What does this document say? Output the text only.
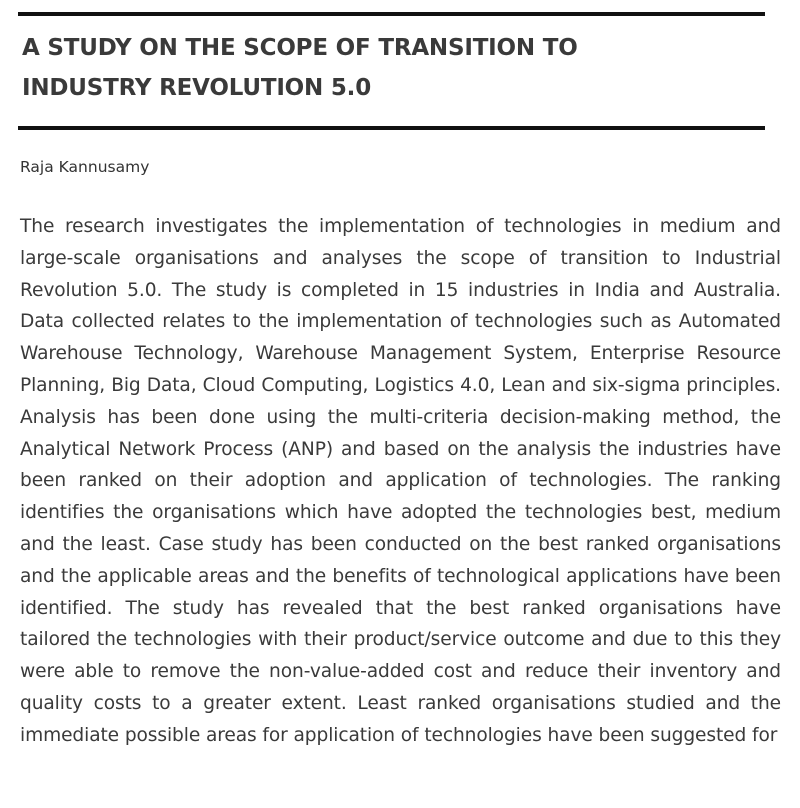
A STUDY ON THE SCOPE OF TRANSITION TO
INDUSTRY REVOLUTION 5.0
Raja Kannusamy

The research investigates the implementation of technologies in medium and large-scale organisations and analyses the scope of transition to Industrial Revolution 5.0. The study is completed in 15 industries in India and Australia. Data collected relates to the implementation of technologies such as Automated Warehouse Technology, Warehouse Management System, Enterprise Resource Planning, Big Data, Cloud Computing, Logistics 4.0, Lean and six-sigma principles. Analysis has been done using the multi-criteria decision-making method, the Analytical Network Process (ANP) and based on the analysis the industries have been ranked on their adoption and application of technologies. The ranking identifies the organisations which have adopted the technologies best, medium and the least. Case study has been conducted on the best ranked organisations and the applicable areas and the benefits of technological applications have been identified. The study has revealed that the best ranked organisations have tailored the technologies with their product/service outcome and due to this they were able to remove the non-value-added cost and reduce their inventory and quality costs to a greater extent. Least ranked organisations studied and the immediate possible areas for application of technologies have been suggested for
